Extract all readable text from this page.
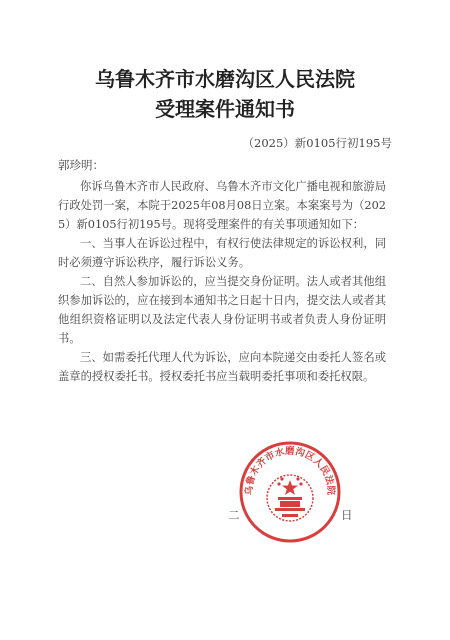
乌鲁木齐市水磨沟区人民法院
受理案件通知书
（2025）新0105行初195号
郭珍明：

你诉乌鲁木齐市人民政府、乌鲁木齐市文化广播电视和旅游局行政处罚一案，本院于2025年08月08日立案。本案案号为（2025）新0105行初195号。现将受理案件的有关事项通知如下：

一、当事人在诉讼过程中，有权行使法律规定的诉讼权利，同时必须遵守诉讼秩序，履行诉讼义务。

二、自然人参加诉讼的，应当提交身份证明。法人或者其他组织参加诉讼的，应在接到本通知书之日起十日内，提交法人或者其他组织资格证明以及法定代表人身份证明书或者负责人身份证明书。

三、如需委托代理人代为诉讼，应向本院递交由委托人签名或盖章的授权委托书。授权委托书应当载明委托事项和委托权限。

乌鲁木齐市水磨沟区人民法院
二	日
